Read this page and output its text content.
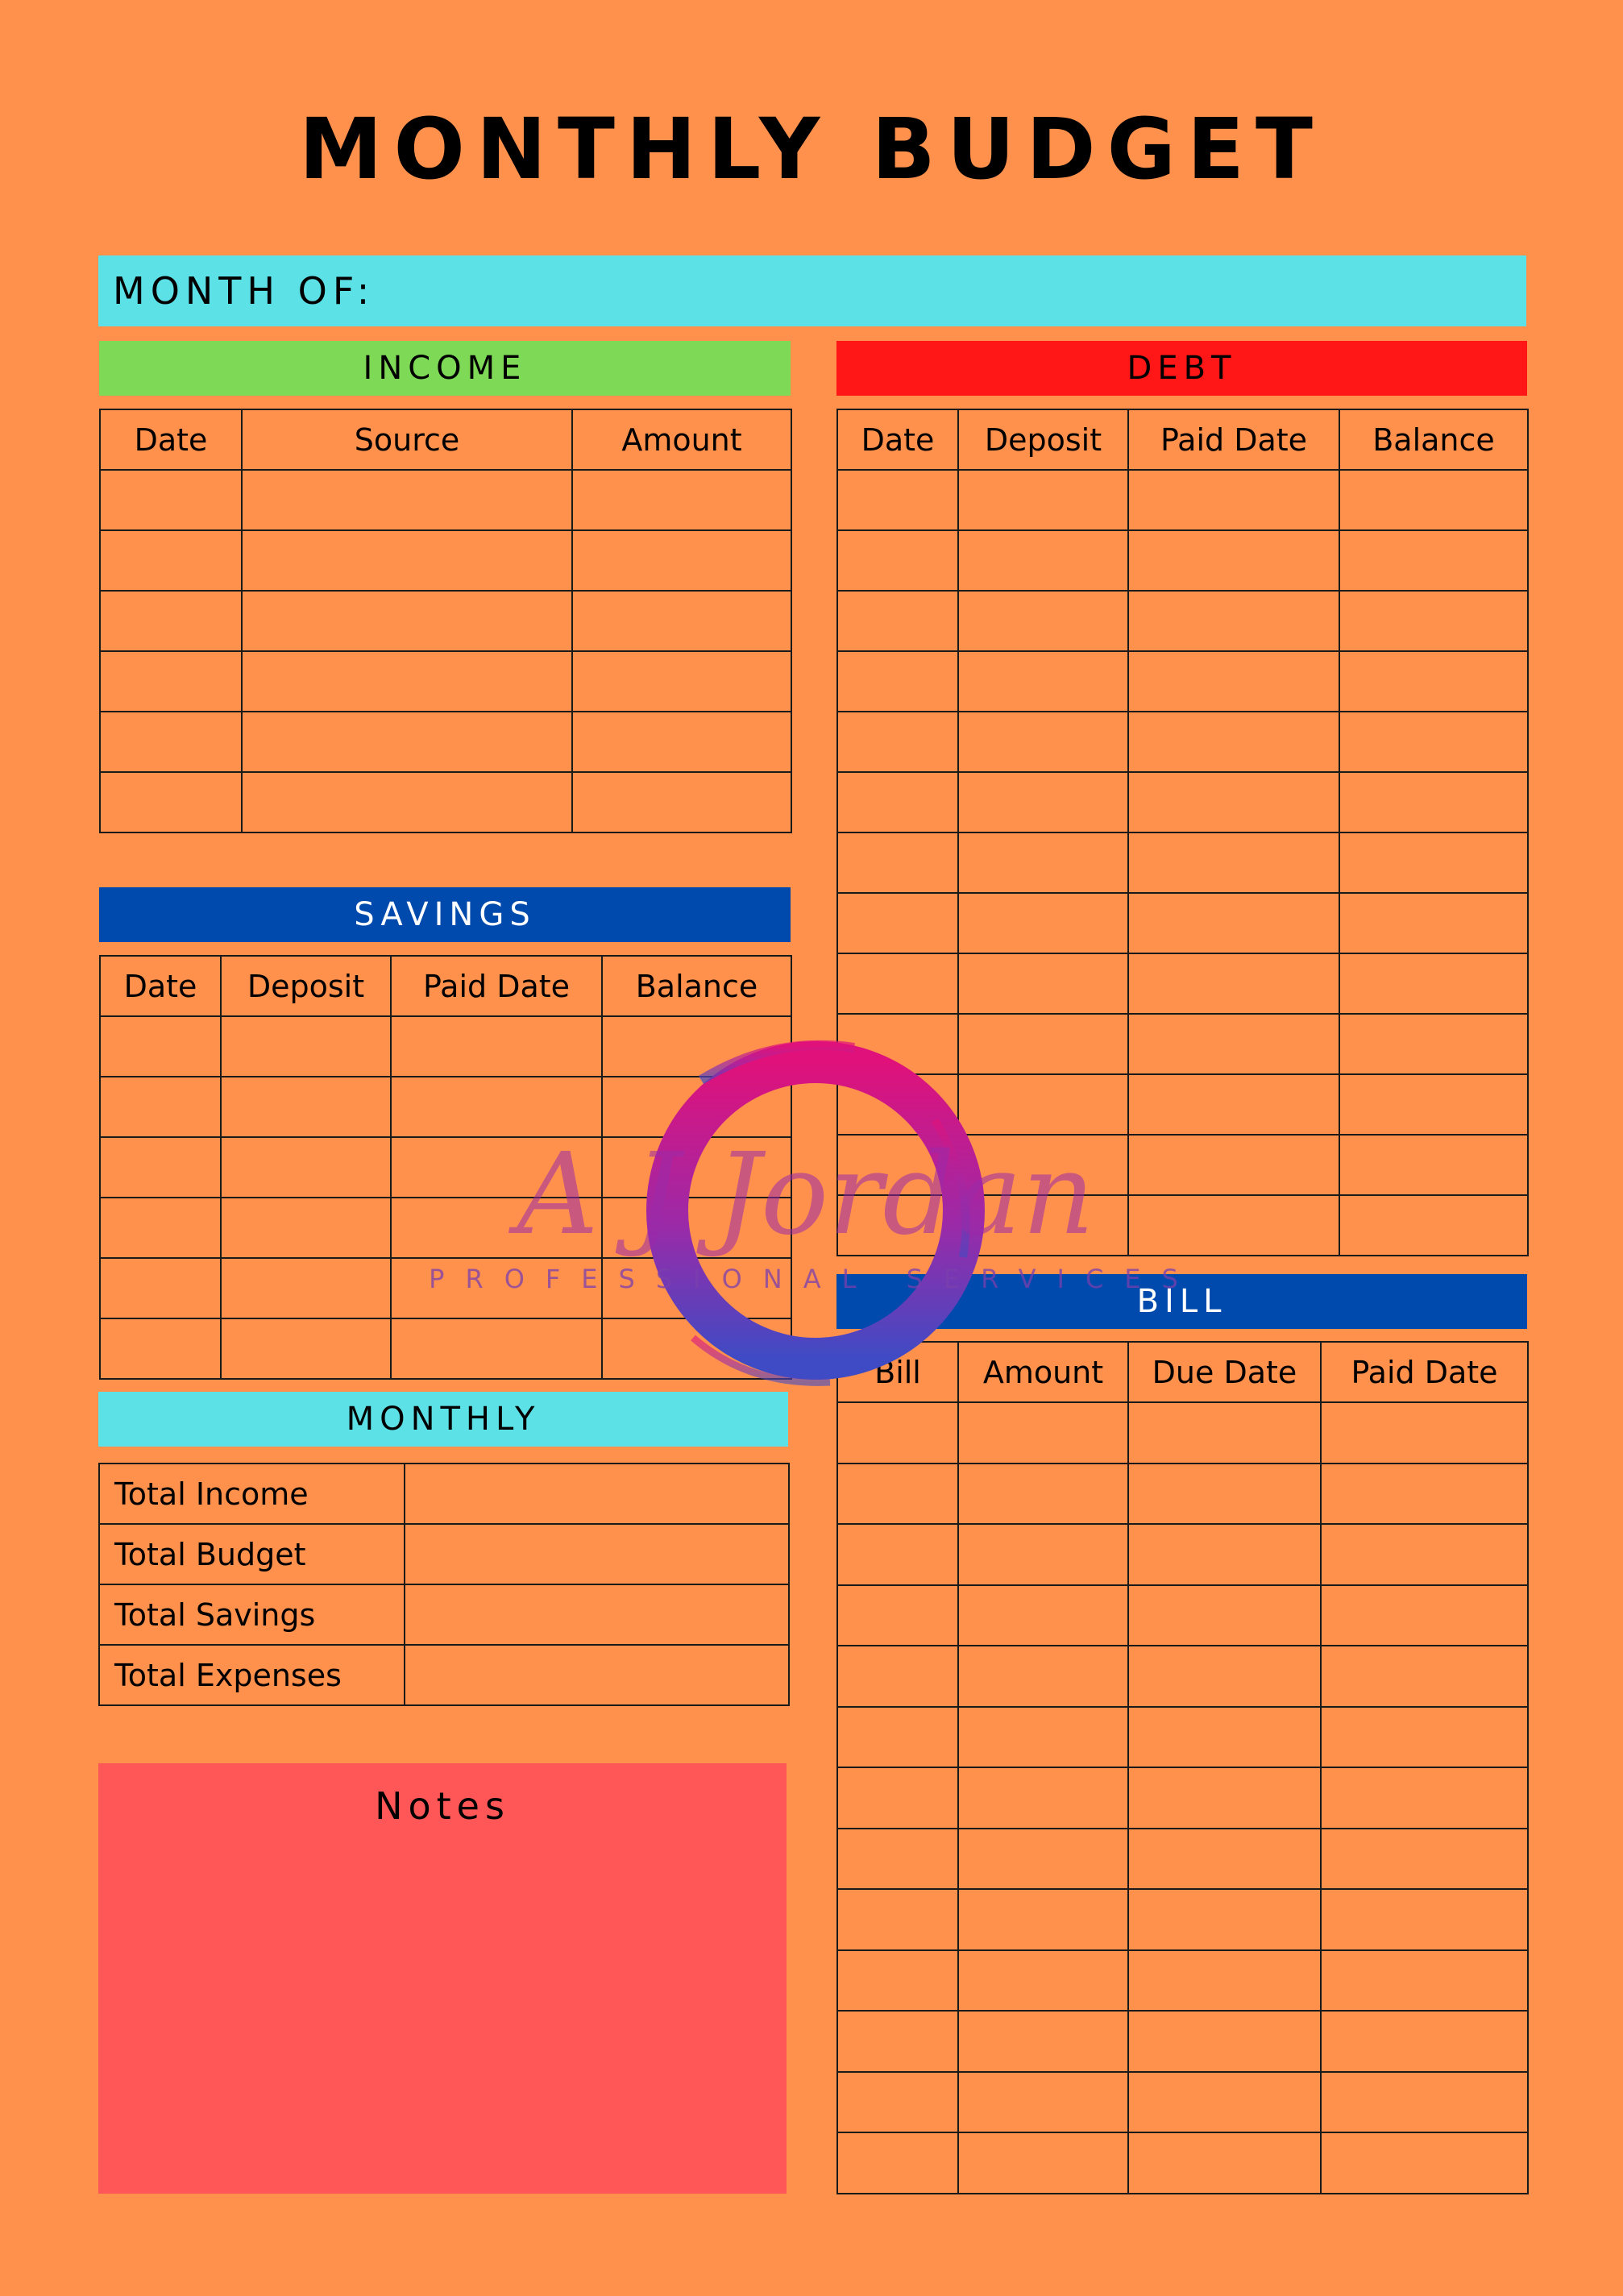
MONTHLY BUDGET
MONTH OF:
INCOME
Date	Source	Amount

SAVINGS
Date	Deposit	Paid Date	Balance

MONTHLY
Total Income	
Total Budget	
Total Savings	
Total Expenses	
Notes
DEBT
Date	Deposit	Paid Date	Balance

BILL
Bill	Amount	Due Date	Paid Date

A J Jordan
PROFESSIONAL SERVICES
